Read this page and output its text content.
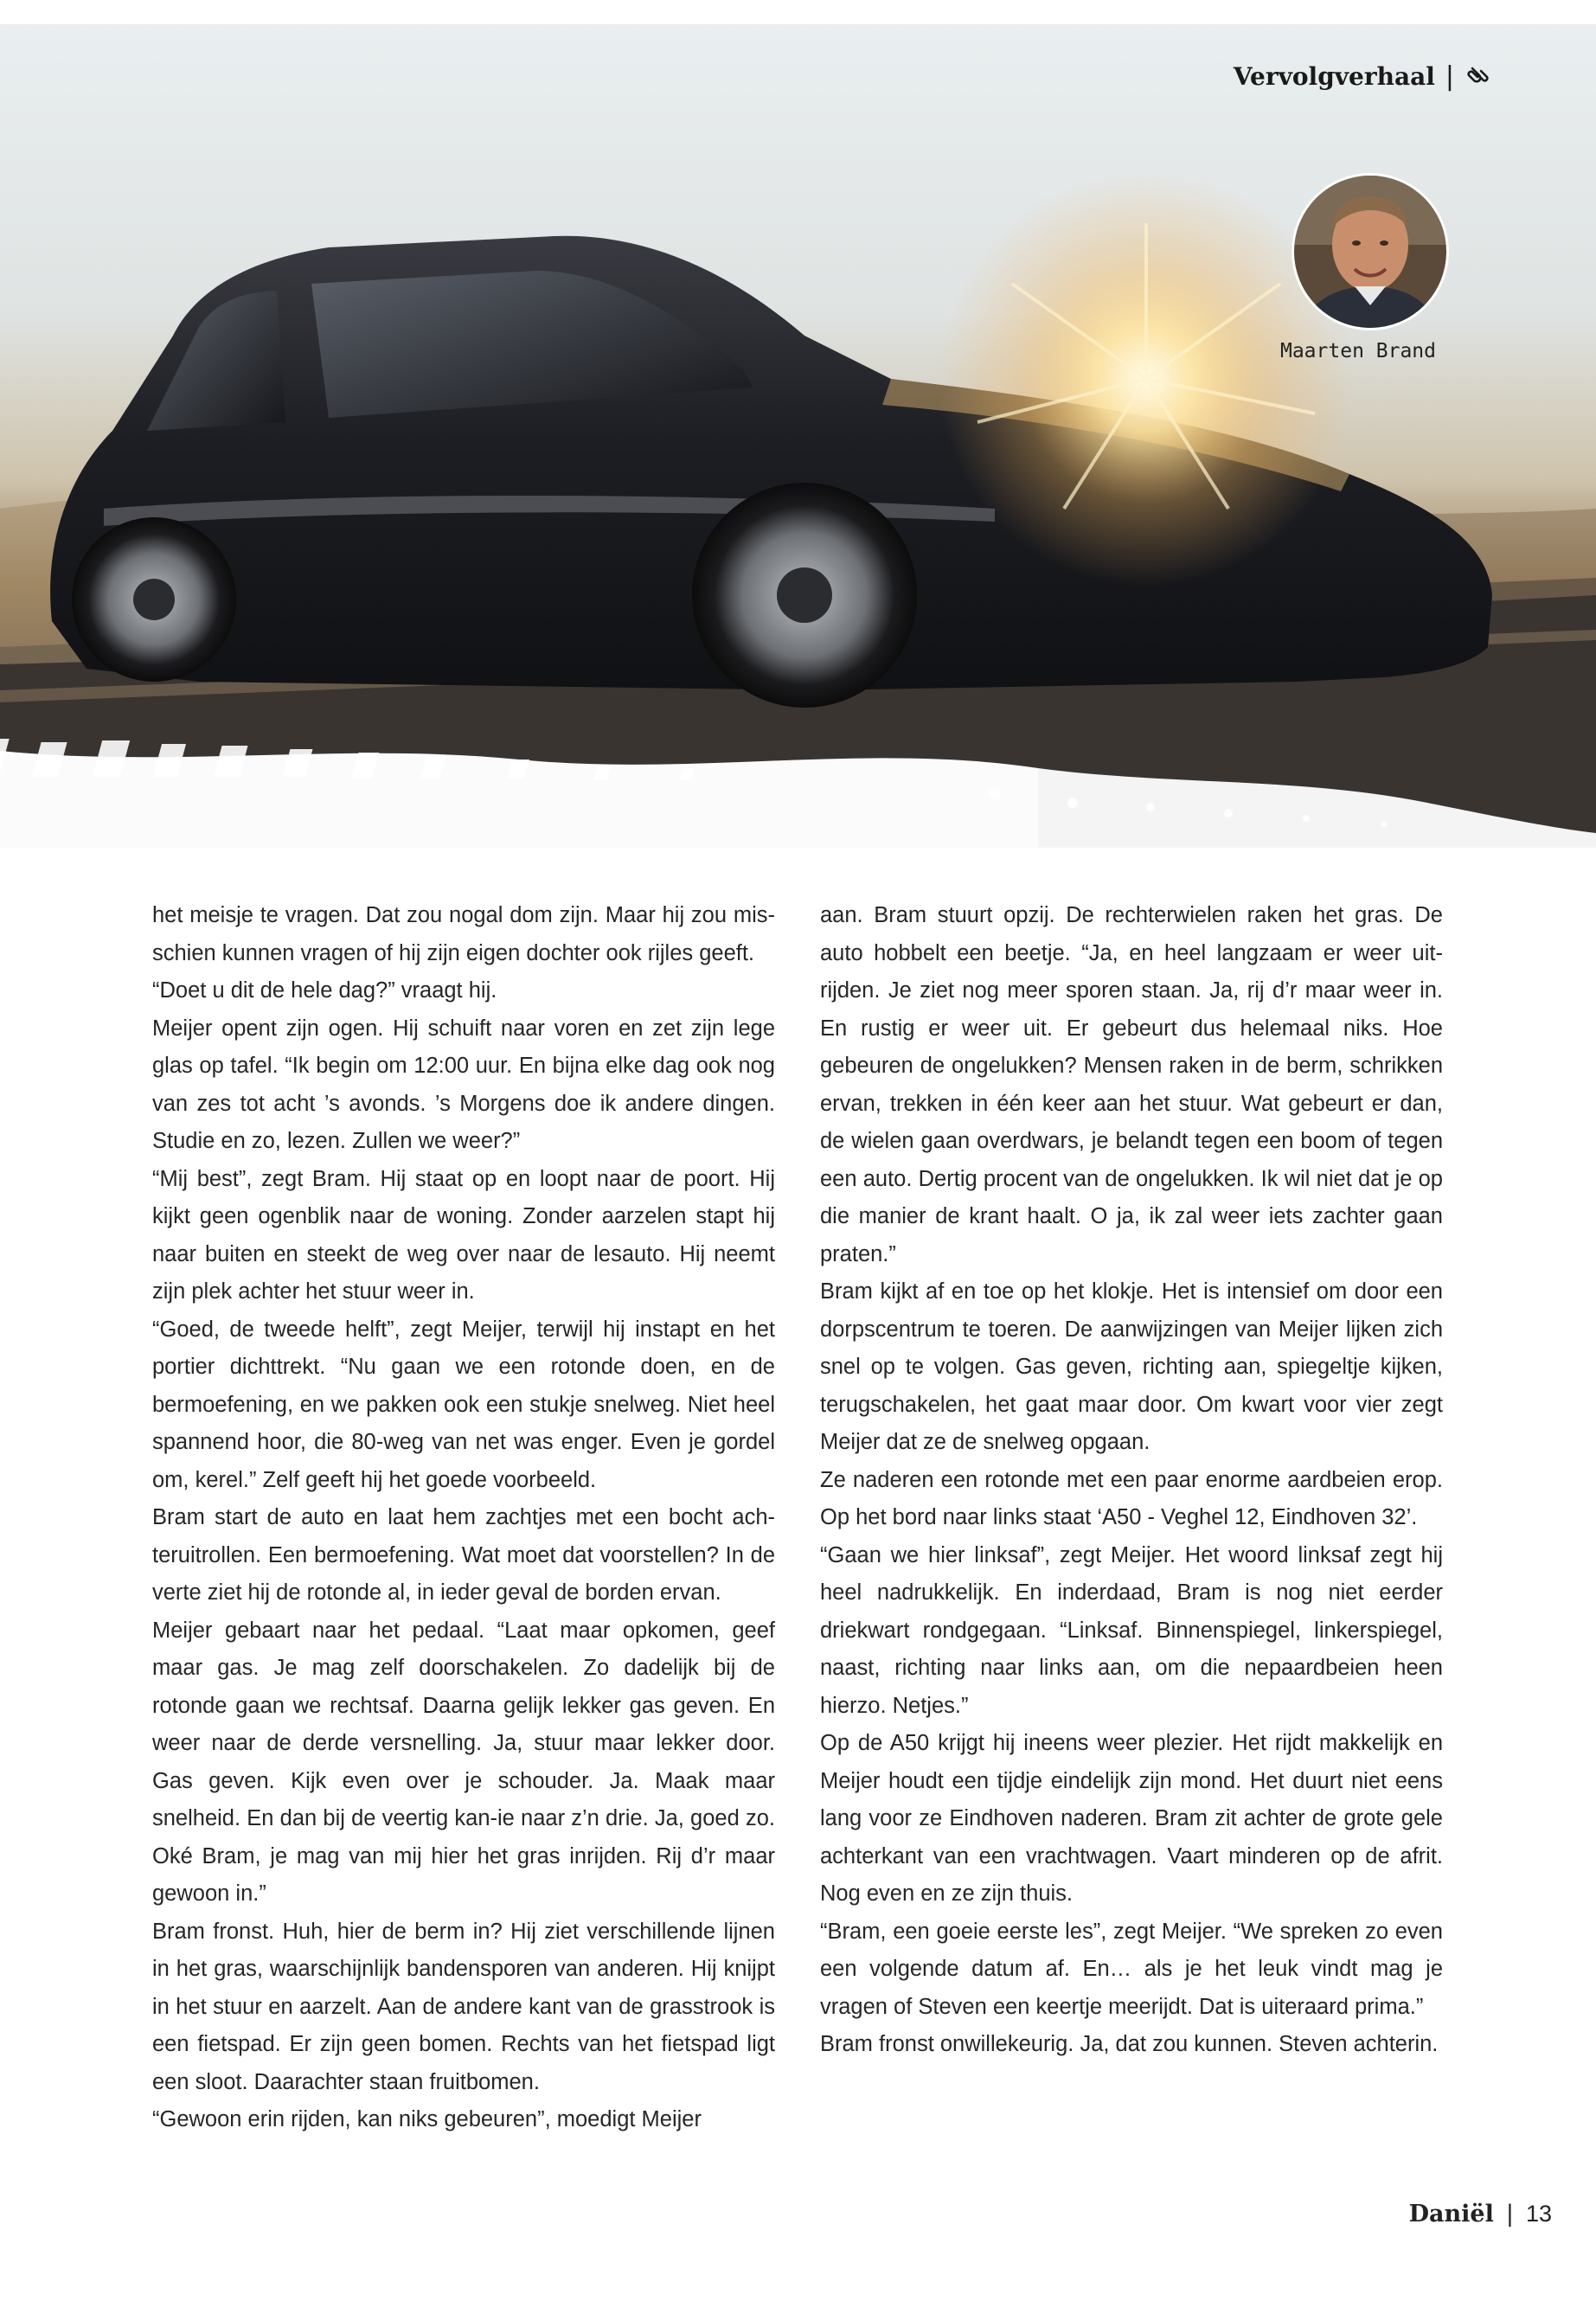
Vervolgverhaal |
Maarten Brand

het meisje te vragen. Dat zou nogal dom zijn. Maar hij zou misschien kunnen vragen of hij zijn eigen dochter ook rijles geeft.

“Doet u dit de hele dag?” vraagt hij.

Meijer opent zijn ogen. Hij schuift naar voren en zet zijn lege glas op tafel. “Ik begin om 12:00 uur. En bijna elke dag ook nog van zes tot acht ’s avonds. ’s Morgens doe ik andere dingen. Studie en zo, lezen. Zullen we weer?”

“Mij best”, zegt Bram. Hij staat op en loopt naar de poort. Hij kijkt geen ogenblik naar de woning. Zonder aarzelen stapt hij naar buiten en steekt de weg over naar de lesauto. Hij neemt zijn plek achter het stuur weer in.

“Goed, de tweede helft”, zegt Meijer, terwijl hij instapt en het portier dichttrekt. “Nu gaan we een rotonde doen, en de bermoefening, en we pakken ook een stukje snelweg. Niet heel spannend hoor, die 80-weg van net was enger. Even je gordel om, kerel.” Zelf geeft hij het goede voorbeeld.

Bram start de auto en laat hem zachtjes met een bocht achteruitrollen. Een bermoefening. Wat moet dat voorstellen? In de verte ziet hij de rotonde al, in ieder geval de borden ervan.

Meijer gebaart naar het pedaal. “Laat maar opkomen, geef maar gas. Je mag zelf doorschakelen. Zo dadelijk bij de rotonde gaan we rechtsaf. Daarna gelijk lekker gas geven. En weer naar de derde versnelling. Ja, stuur maar lekker door. Gas geven. Kijk even over je schouder. Ja. Maak maar snelheid. En dan bij de veertig kan-ie naar z’n drie. Ja, goed zo. Oké Bram, je mag van mij hier het gras inrijden. Rij d’r maar gewoon in.”

Bram fronst. Huh, hier de berm in? Hij ziet verschillende lijnen in het gras, waarschijnlijk bandensporen van anderen. Hij knijpt in het stuur en aarzelt. Aan de andere kant van de grasstrook is een fietspad. Er zijn geen bomen. Rechts van het fietspad ligt een sloot. Daarachter staan fruitbomen.

“Gewoon erin rijden, kan niks gebeuren”, moedigt Meijer

aan. Bram stuurt opzij. De rechterwielen raken het gras. De auto hobbelt een beetje. “Ja, en heel langzaam er weer uitrijden. Je ziet nog meer sporen staan. Ja, rij d’r maar weer in. En rustig er weer uit. Er gebeurt dus helemaal niks. Hoe gebeuren de ongelukken? Mensen raken in de berm, schrikken ervan, trekken in één keer aan het stuur. Wat gebeurt er dan, de wielen gaan overdwars, je belandt tegen een boom of tegen een auto. Dertig procent van de ongelukken. Ik wil niet dat je op die manier de krant haalt. O ja, ik zal weer iets zachter gaan praten.”

Bram kijkt af en toe op het klokje. Het is intensief om door een dorpscentrum te toeren. De aanwijzingen van Meijer lijken zich snel op te volgen. Gas geven, richting aan, spiegeltje kijken, terugschakelen, het gaat maar door. Om kwart voor vier zegt Meijer dat ze de snelweg opgaan.

Ze naderen een rotonde met een paar enorme aardbeien erop. Op het bord naar links staat ‘A50 - Veghel 12, Eindhoven 32’.

“Gaan we hier linksaf”, zegt Meijer. Het woord linksaf zegt hij heel nadrukkelijk. En inderdaad, Bram is nog niet eerder driekwart rondgegaan. “Linksaf. Binnenspiegel, linkerspiegel, naast, richting naar links aan, om die nepaardbeien heen hierzo. Netjes.”

Op de A50 krijgt hij ineens weer plezier. Het rijdt makkelijk en Meijer houdt een tijdje eindelijk zijn mond. Het duurt niet eens lang voor ze Eindhoven naderen. Bram zit achter de grote gele achterkant van een vrachtwagen. Vaart minderen op de afrit. Nog even en ze zijn thuis.

“Bram, een goeie eerste les”, zegt Meijer. “We spreken zo even een volgende datum af. En… als je het leuk vindt mag je vragen of Steven een keertje meerijdt. Dat is uiteraard prima.”

Bram fronst onwillekeurig. Ja, dat zou kunnen. Steven achterin.

Daniël | 13
